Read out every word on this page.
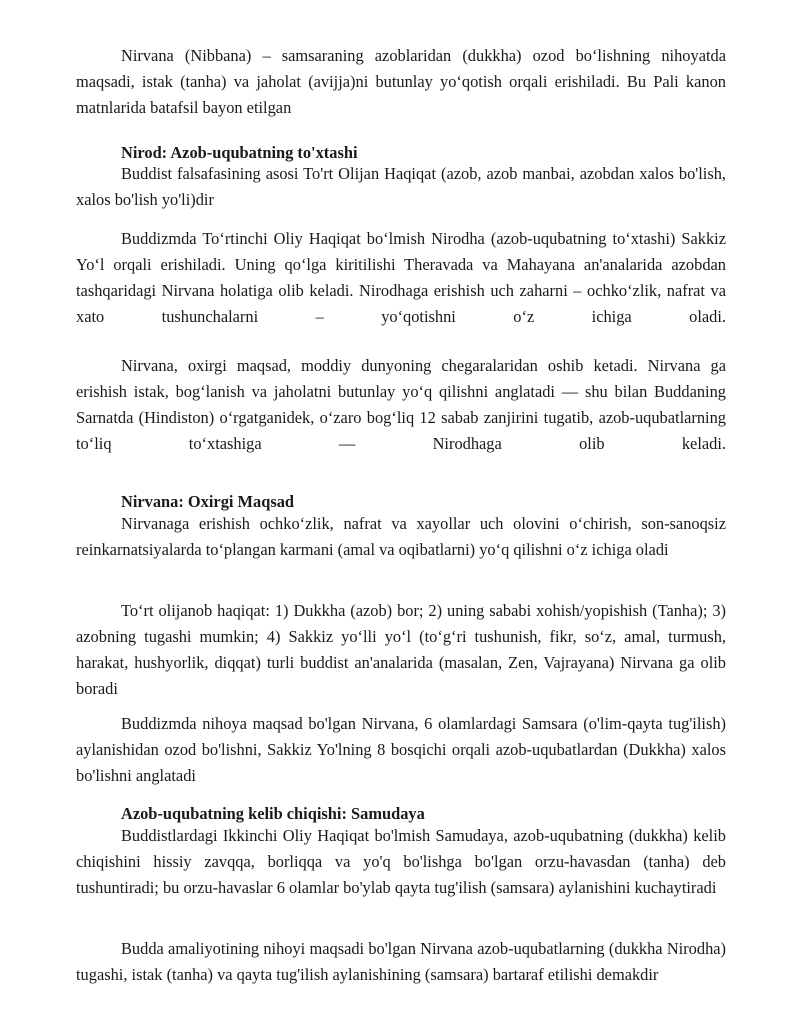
Nirvana (Nibbana) – samsaraning azoblaridan (dukkha) ozod bo‘lishning nihoyatda maqsadi, istak (tanha) va jaholat (avijja)ni butunlay yo‘qotish orqali erishiladi. Bu Pali kanon matnlarida batafsil bayon etilgan

Nirod: Azob-uqubatning to'xtashi

Buddist falsafasining asosi To'rt Olijan Haqiqat (azob, azob manbai, azobdan xalos bo'lish, xalos bo'lish yo'li)dir

Buddizmda To‘rtinchi Oliy Haqiqat bo‘lmish Nirodha (azob-uqubatning to‘xtashi) Sakkiz Yo‘l orqali erishiladi. Uning qo‘lga kiritilishi Theravada va Mahayana an'analarida azobdan tashqaridagi Nirvana holatiga olib keladi. Nirodhaga erishish uch zaharni – ochko‘zlik, nafrat va xato tushunchalarni – yo‘qotishni o‘z ichiga oladi.

Nirvana, oxirgi maqsad, moddiy dunyoning chegaralaridan oshib ketadi. Nirvana ga erishish istak, bog‘lanish va jaholatni butunlay yo‘q qilishni anglatadi — shu bilan Buddaning Sarnatda (Hindiston) o‘rgatganidek, o‘zaro bog‘liq 12 sabab zanjirini tugatib, azob-uqubatlarning to‘liq to‘xtashiga — Nirodhaga olib keladi.

Nirvana: Oxirgi Maqsad

Nirvanaga erishish ochko‘zlik, nafrat va xayollar uch olovini o‘chirish, son-sanoqsiz reinkarnatsiyalarda to‘plangan karmani (amal va oqibatlarni) yo‘q qilishni o‘z ichiga oladi

To‘rt olijanob haqiqat: 1) Dukkha (azob) bor; 2) uning sababi xohish/yopishish (Tanha); 3) azobning tugashi mumkin; 4) Sakkiz yo‘lli yo‘l (to‘g‘ri tushunish, fikr, so‘z, amal, turmush, harakat, hushyorlik, diqqat) turli buddist an'analarida (masalan, Zen, Vajrayana) Nirvana ga olib boradi

Buddizmda nihoya maqsad bo'lgan Nirvana, 6 olamlardagi Samsara (o'lim-qayta tug'ilish) aylanishidan ozod bo'lishni, Sakkiz Yo'lning 8 bosqichi orqali azob-uqubatlardan (Dukkha) xalos bo'lishni anglatadi

Azob-uqubatning kelib chiqishi: Samudaya

Buddistlardagi Ikkinchi Oliy Haqiqat bo'lmish Samudaya, azob-uqubatning (dukkha) kelib chiqishini hissiy zavqqa, borliqqa va yo'q bo'lishga bo'lgan orzu-havasdan (tanha) deb tushuntiradi; bu orzu-havaslar 6 olamlar bo'ylab qayta tug'ilish (samsara) aylanishini kuchaytiradi

Budda amaliyotining nihoyi maqsadi bo'lgan Nirvana azob-uqubatlarning (dukkha Nirodha) tugashi, istak (tanha) va qayta tug'ilish aylanishining (samsara) bartaraf etilishi demakdir
